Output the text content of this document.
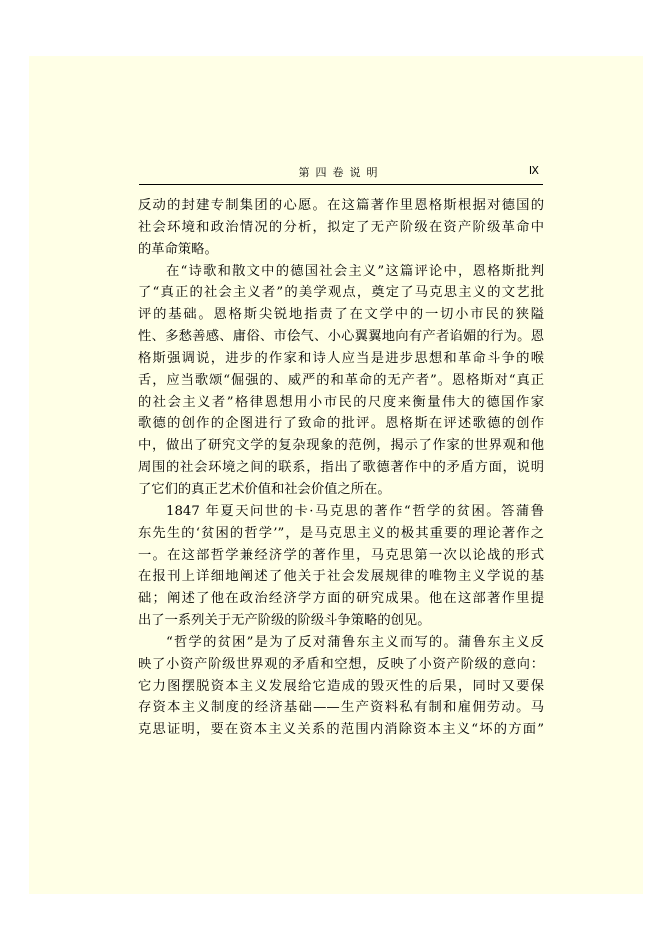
第四卷说明	Ⅸ
反动的封建专制集团的心愿。在这篇著作里恩格斯根据对德国的
社会环境和政治情况的分析，拟定了无产阶级在资产阶级革命中
的革命策略。
在“诗歌和散文中的德国社会主义”这篇评论中，恩格斯批判
了“真正的社会主义者”的美学观点，奠定了马克思主义的文艺批
评的基础。恩格斯尖锐地指责了在文学中的一切小市民的狭隘
性、多愁善感、庸俗、市侩气、小心翼翼地向有产者谄媚的行为。恩
格斯强调说，进步的作家和诗人应当是进步思想和革命斗争的喉
舌，应当歌颂“倔强的、威严的和革命的无产者”。恩格斯对“真正
的社会主义者”格律恩想用小市民的尺度来衡量伟大的德国作家
歌德的创作的企图进行了致命的批评。恩格斯在评述歌德的创作
中，做出了研究文学的复杂现象的范例，揭示了作家的世界观和他
周围的社会环境之间的联系，指出了歌德著作中的矛盾方面，说明
了它们的真正艺术价值和社会价值之所在。
1847 年夏天问世的卡·马克思的著作“哲学的贫困。答蒲鲁
东先生的‘贫困的哲学’”，是马克思主义的极其重要的理论著作之
一。在这部哲学兼经济学的著作里，马克思第一次以论战的形式
在报刊上详细地阐述了他关于社会发展规律的唯物主义学说的基
础；阐述了他在政治经济学方面的研究成果。他在这部著作里提
出了一系列关于无产阶级的阶级斗争策略的创见。
“哲学的贫困”是为了反对蒲鲁东主义而写的。蒲鲁东主义反
映了小资产阶级世界观的矛盾和空想，反映了小资产阶级的意向：
它力图摆脱资本主义发展给它造成的毁灭性的后果，同时又要保
存资本主义制度的经济基础——生产资料私有制和雇佣劳动。马
克思证明，要在资本主义关系的范围内消除资本主义“坏的方面”
